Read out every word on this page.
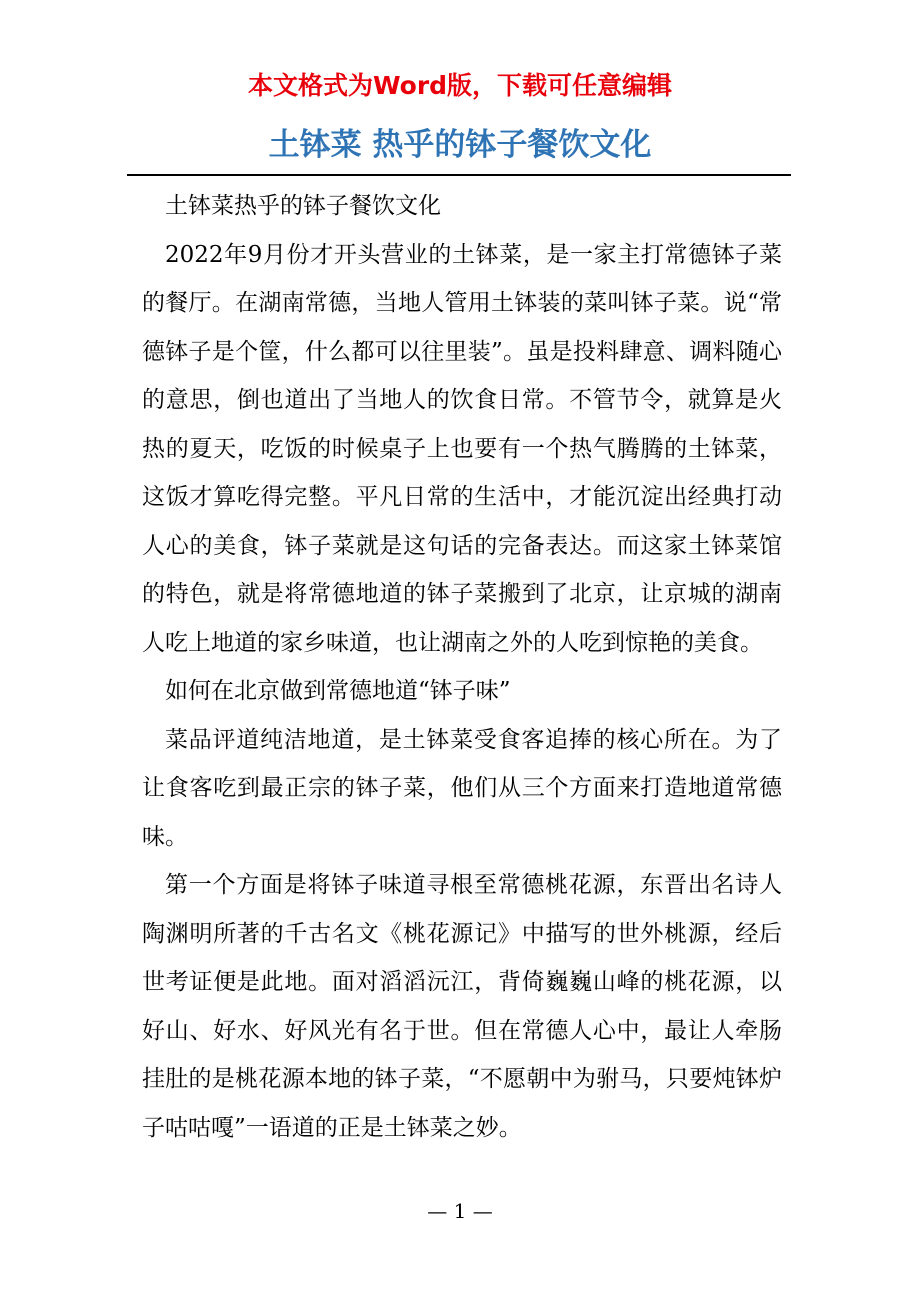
本文格式为Word版，下载可任意编辑
土钵菜 热乎的钵子餐饮文化

土钵菜热乎的钵子餐饮文化

2022年9月份才开头营业的土钵菜，是一家主打常德钵子菜的餐厅。在湖南常德，当地人管用土钵装的菜叫钵子菜。说“常德钵子是个筐，什么都可以往里装”。虽是投料肆意、调料随心的意思，倒也道出了当地人的饮食日常。不管节令，就算是火热的夏天，吃饭的时候桌子上也要有一个热气腾腾的土钵菜，这饭才算吃得完整。平凡日常的生活中，才能沉淀出经典打动人心的美食，钵子菜就是这句话的完备表达。而这家土钵菜馆的特色，就是将常德地道的钵子菜搬到了北京，让京城的湖南人吃上地道的家乡味道，也让湖南之外的人吃到惊艳的美食。

如何在北京做到常德地道“钵子味”

菜品评道纯洁地道，是土钵菜受食客追捧的核心所在。为了让食客吃到最正宗的钵子菜，他们从三个方面来打造地道常德味。

第一个方面是将钵子味道寻根至常德桃花源，东晋出名诗人陶渊明所著的千古名文《桃花源记》中描写的世外桃源，经后世考证便是此地。面对滔滔沅江，背倚巍巍山峰的桃花源，以好山、好水、好风光有名于世。但在常德人心中，最让人牵肠挂肚的是桃花源本地的钵子菜，“不愿朝中为驸马，只要炖钵炉子咕咕嘎”一语道的正是土钵菜之妙。

— 1 —
